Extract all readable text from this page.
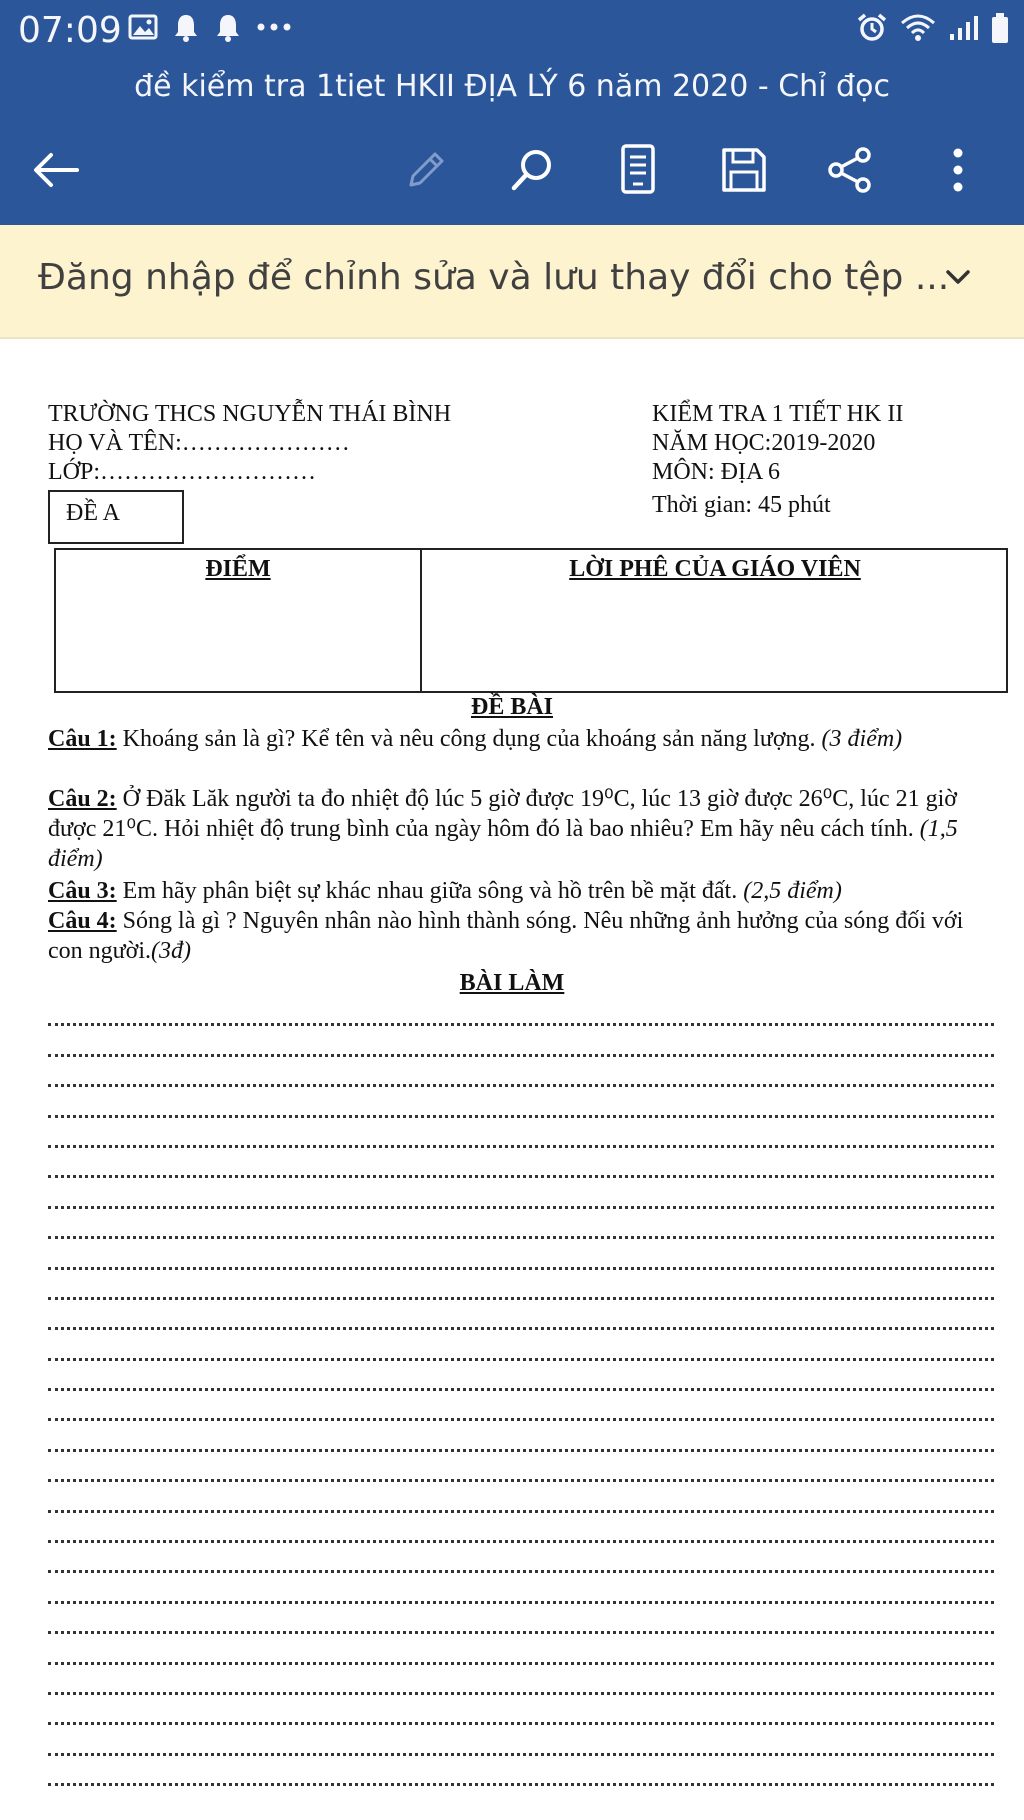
07:09
đề kiểm tra 1tiet HKII ĐỊA LÝ 6 năm 2020 - Chỉ đọc
Đăng nhập để chỉnh sửa và lưu thay đổi cho tệp ...
TRƯỜNG THCS NGUYỄN THÁI BÌNH
HỌ VÀ TÊN:…………………
LỚP:………………………
ĐỀ A
KIỂM TRA 1 TIẾT HK II
NĂM HỌC:2019-2020
MÔN: ĐỊA 6
Thời gian: 45 phút
ĐIỂM	LỜI PHÊ CỦA GIÁO VIÊN
ĐỀ BÀI
Câu 1: Khoáng sản là gì? Kể tên và nêu công dụng của khoáng sản năng lượng. (3 điểm)
Câu 2: Ở Đăk Lăk người ta đo nhiệt độ lúc 5 giờ được 19⁰C, lúc 13 giờ được 26⁰C, lúc 21 giờ được 21⁰C. Hỏi nhiệt độ trung bình của ngày hôm đó là bao nhiêu? Em hãy nêu cách tính. (1,5 điểm)
Câu 3: Em hãy phân biệt sự khác nhau giữa sông và hồ trên bề mặt đất. (2,5 điểm)
Câu 4: Sóng là gì ? Nguyên nhân nào hình thành sóng. Nêu những ảnh hưởng của sóng đối với con người.(3đ)
BÀI LÀM
